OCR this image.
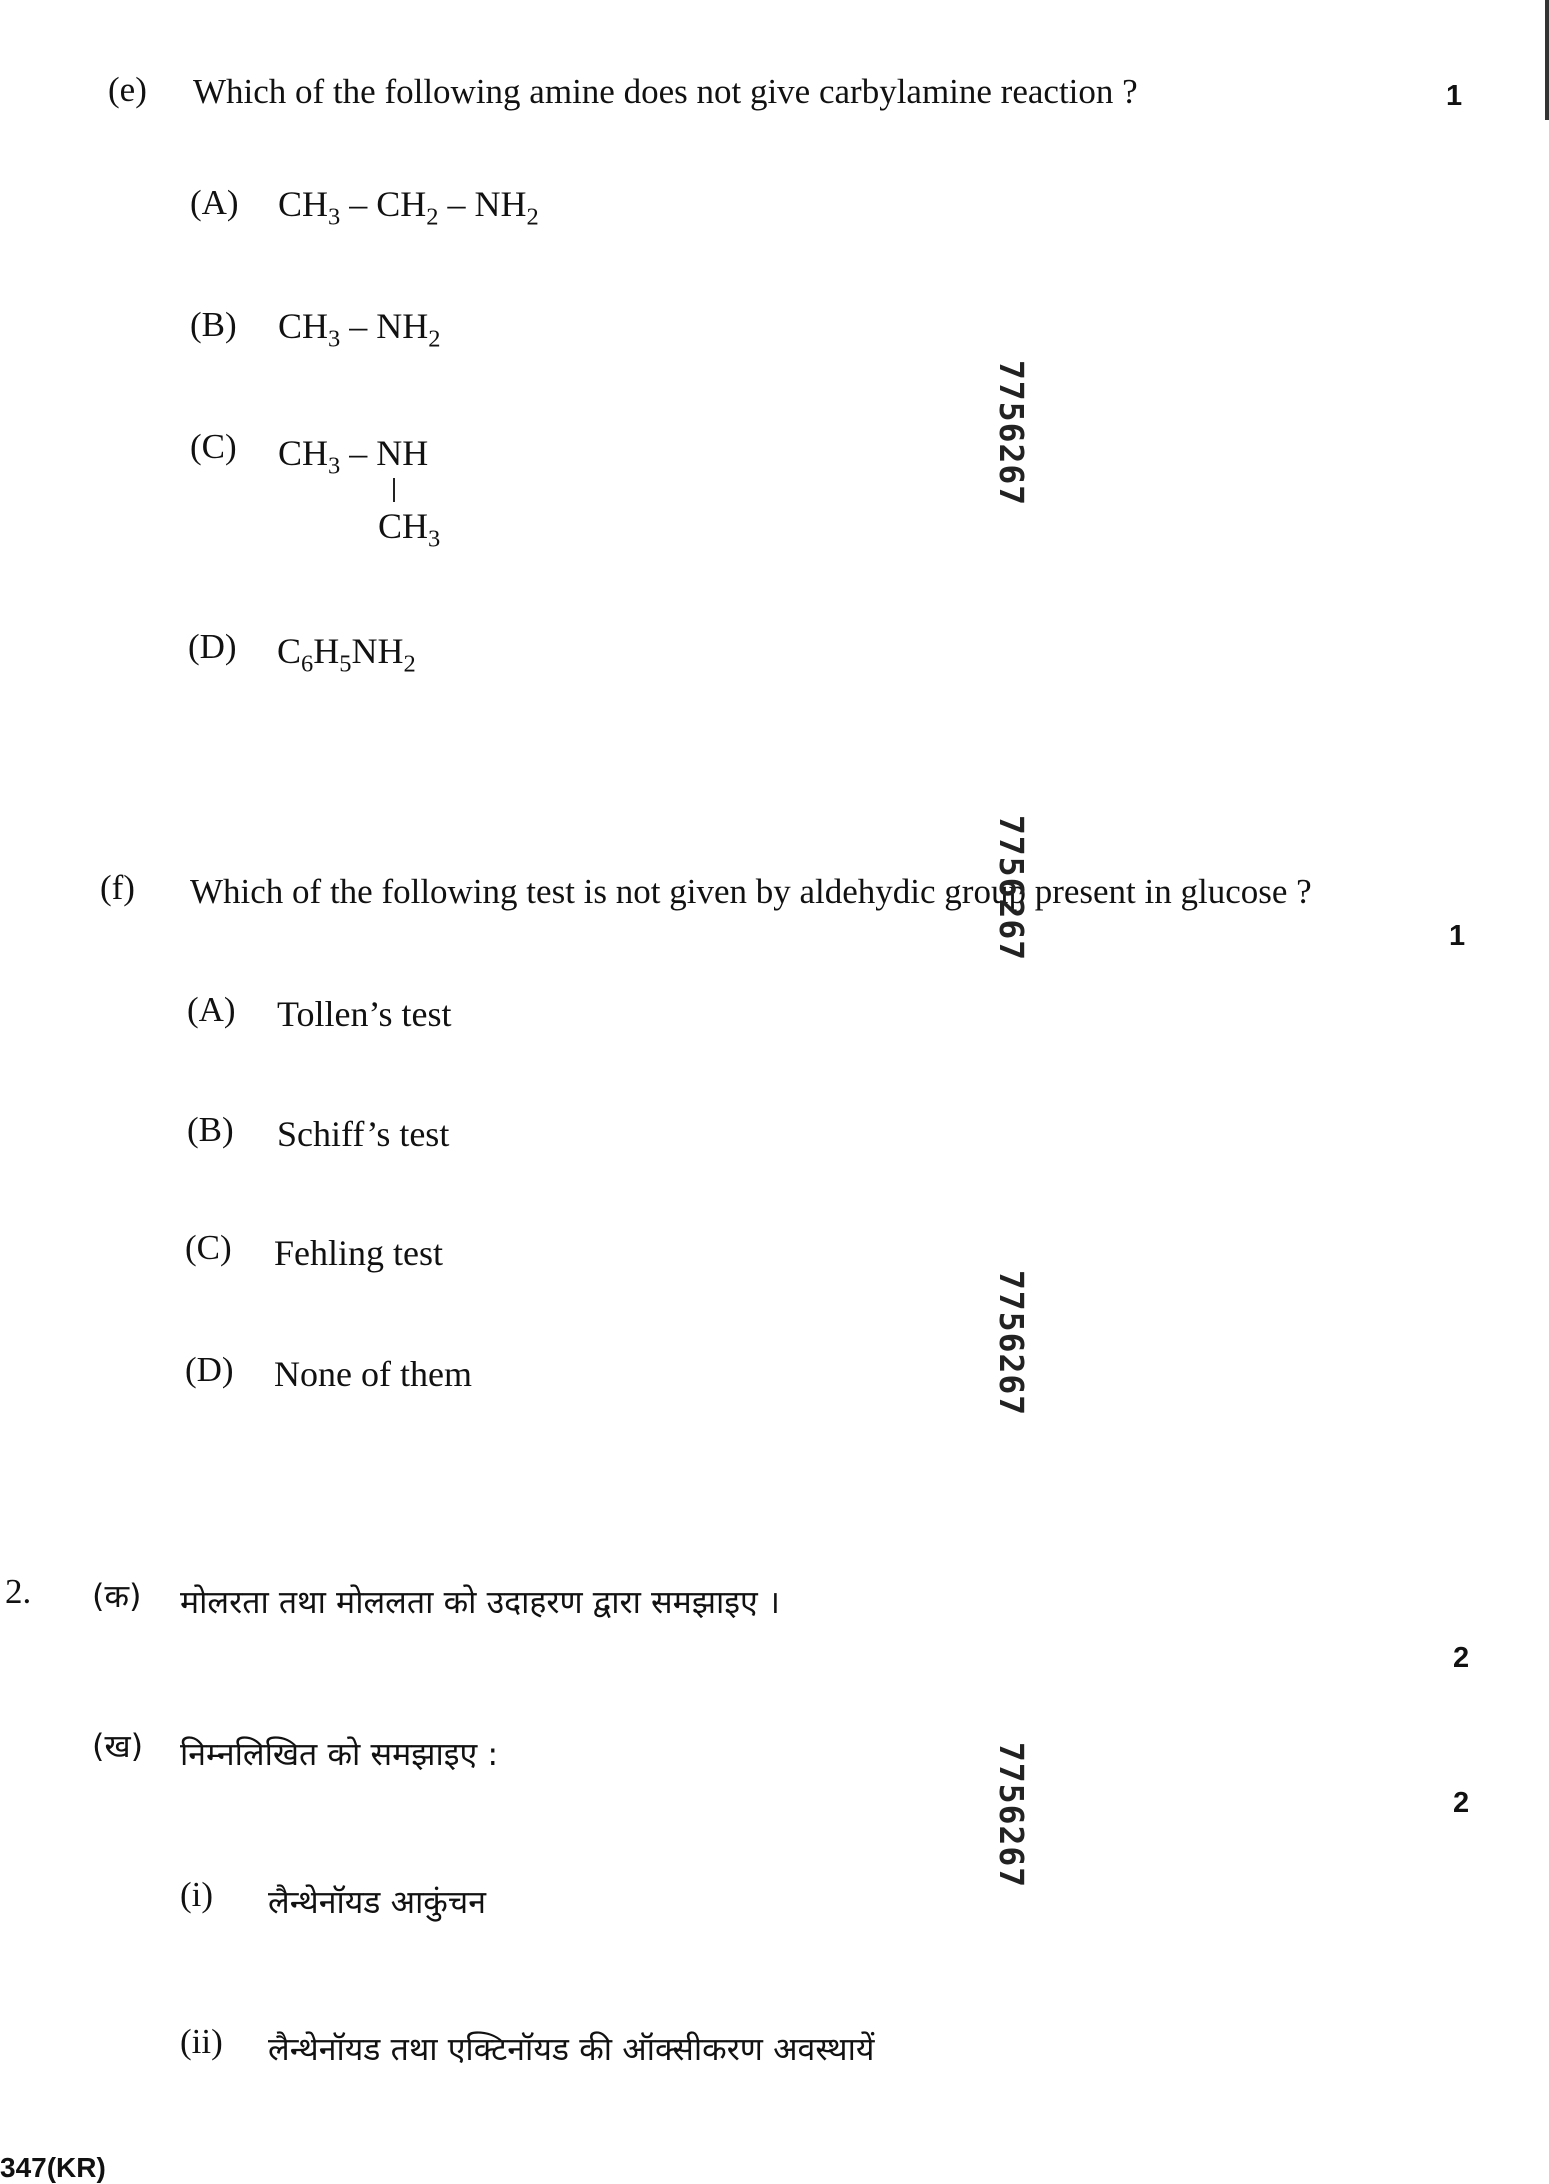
(e) Which of the following amine does not give carbylamine reaction ?	1
(A) $CH_3 - CH_2 - NH_2$
(B) $CH_3 - NH_2$
(C) $CH_3$ – NH
$CH_3$
(D) $C_6H_5NH_2$
(f) Which of the following test is not given by aldehydic group present in glucose ?
1
(A) Tollen’s test
(B) Schiff’s test
(C) Fehling test
(D) None of them
2. (क) मोलरता तथा मोललता को उदाहरण द्वारा समझाइए ।
2
(ख) निम्नलिखित को समझाइए :
2
(i) लैन्थेनॉयड आकुंचन
(ii) लैन्थेनॉयड तथा एक्टिनॉयड की ऑक्सीकरण अवस्थायें
7756267
7756267
7756267
7756267
347(KR)
